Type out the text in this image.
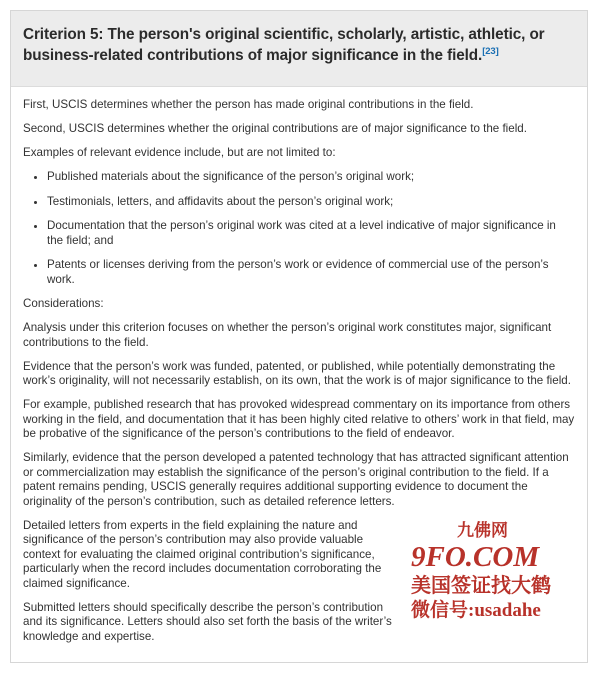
Criterion 5: The person's original scientific, scholarly, artistic, athletic, or business-related contributions of major significance in the field.[23]

First, USCIS determines whether the person has made original contributions in the field.

Second, USCIS determines whether the original contributions are of major significance to the field.

Examples of relevant evidence include, but are not limited to:

• Published materials about the significance of the person’s original work;
• Testimonials, letters, and affidavits about the person’s original work;
• Documentation that the person’s original work was cited at a level indicative of major significance in the field; and
• Patents or licenses deriving from the person’s work or evidence of commercial use of the person’s work.

Considerations:

Analysis under this criterion focuses on whether the person’s original work constitutes major, significant contributions to the field.

Evidence that the person’s work was funded, patented, or published, while potentially demonstrating the work’s originality, will not necessarily establish, on its own, that the work is of major significance to the field.

For example, published research that has provoked widespread commentary on its importance from others working in the field, and documentation that it has been highly cited relative to others’ work in that field, may be probative of the significance of the person’s contributions to the field of endeavor.

Similarly, evidence that the person developed a patented technology that has attracted significant attention or commercialization may establish the significance of the person’s original contribution to the field. If a patent remains pending, USCIS generally requires additional supporting evidence to document the originality of the person’s contribution, such as detailed reference letters.

九佛网
9FO.COM
美国签证找大鹤
微信号:usadahe

Detailed letters from experts in the field explaining the nature and significance of the person’s contribution may also provide valuable context for evaluating the claimed original contribution’s significance, particularly when the record includes documentation corroborating the claimed significance.

Submitted letters should specifically describe the person’s contribution and its significance. Letters should also set forth the basis of the writer’s knowledge and expertise.
